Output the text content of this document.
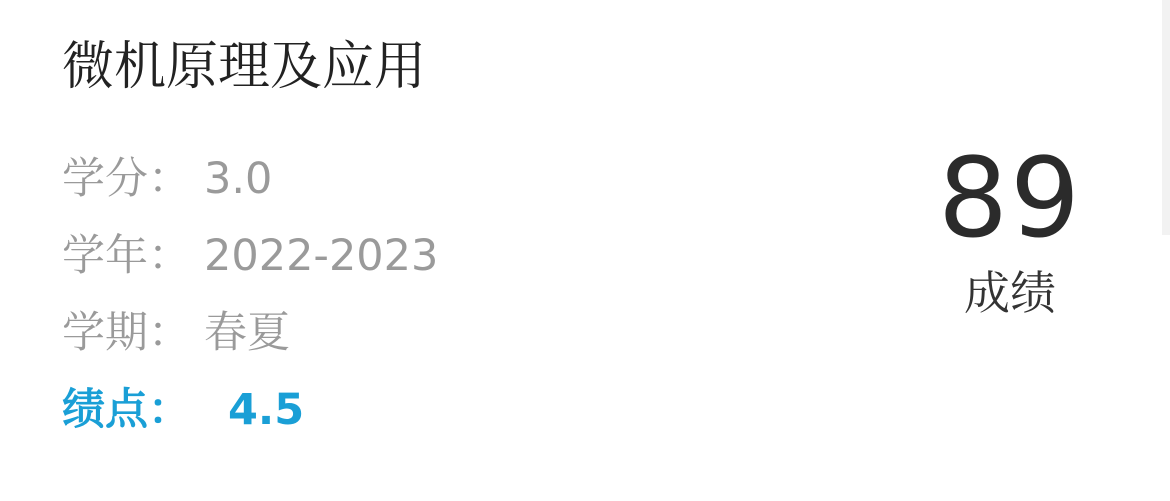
微机原理及应用
学分： 3.0
学年： 2022-2023
学期： 春夏
绩点： 4.5
89
成绩
